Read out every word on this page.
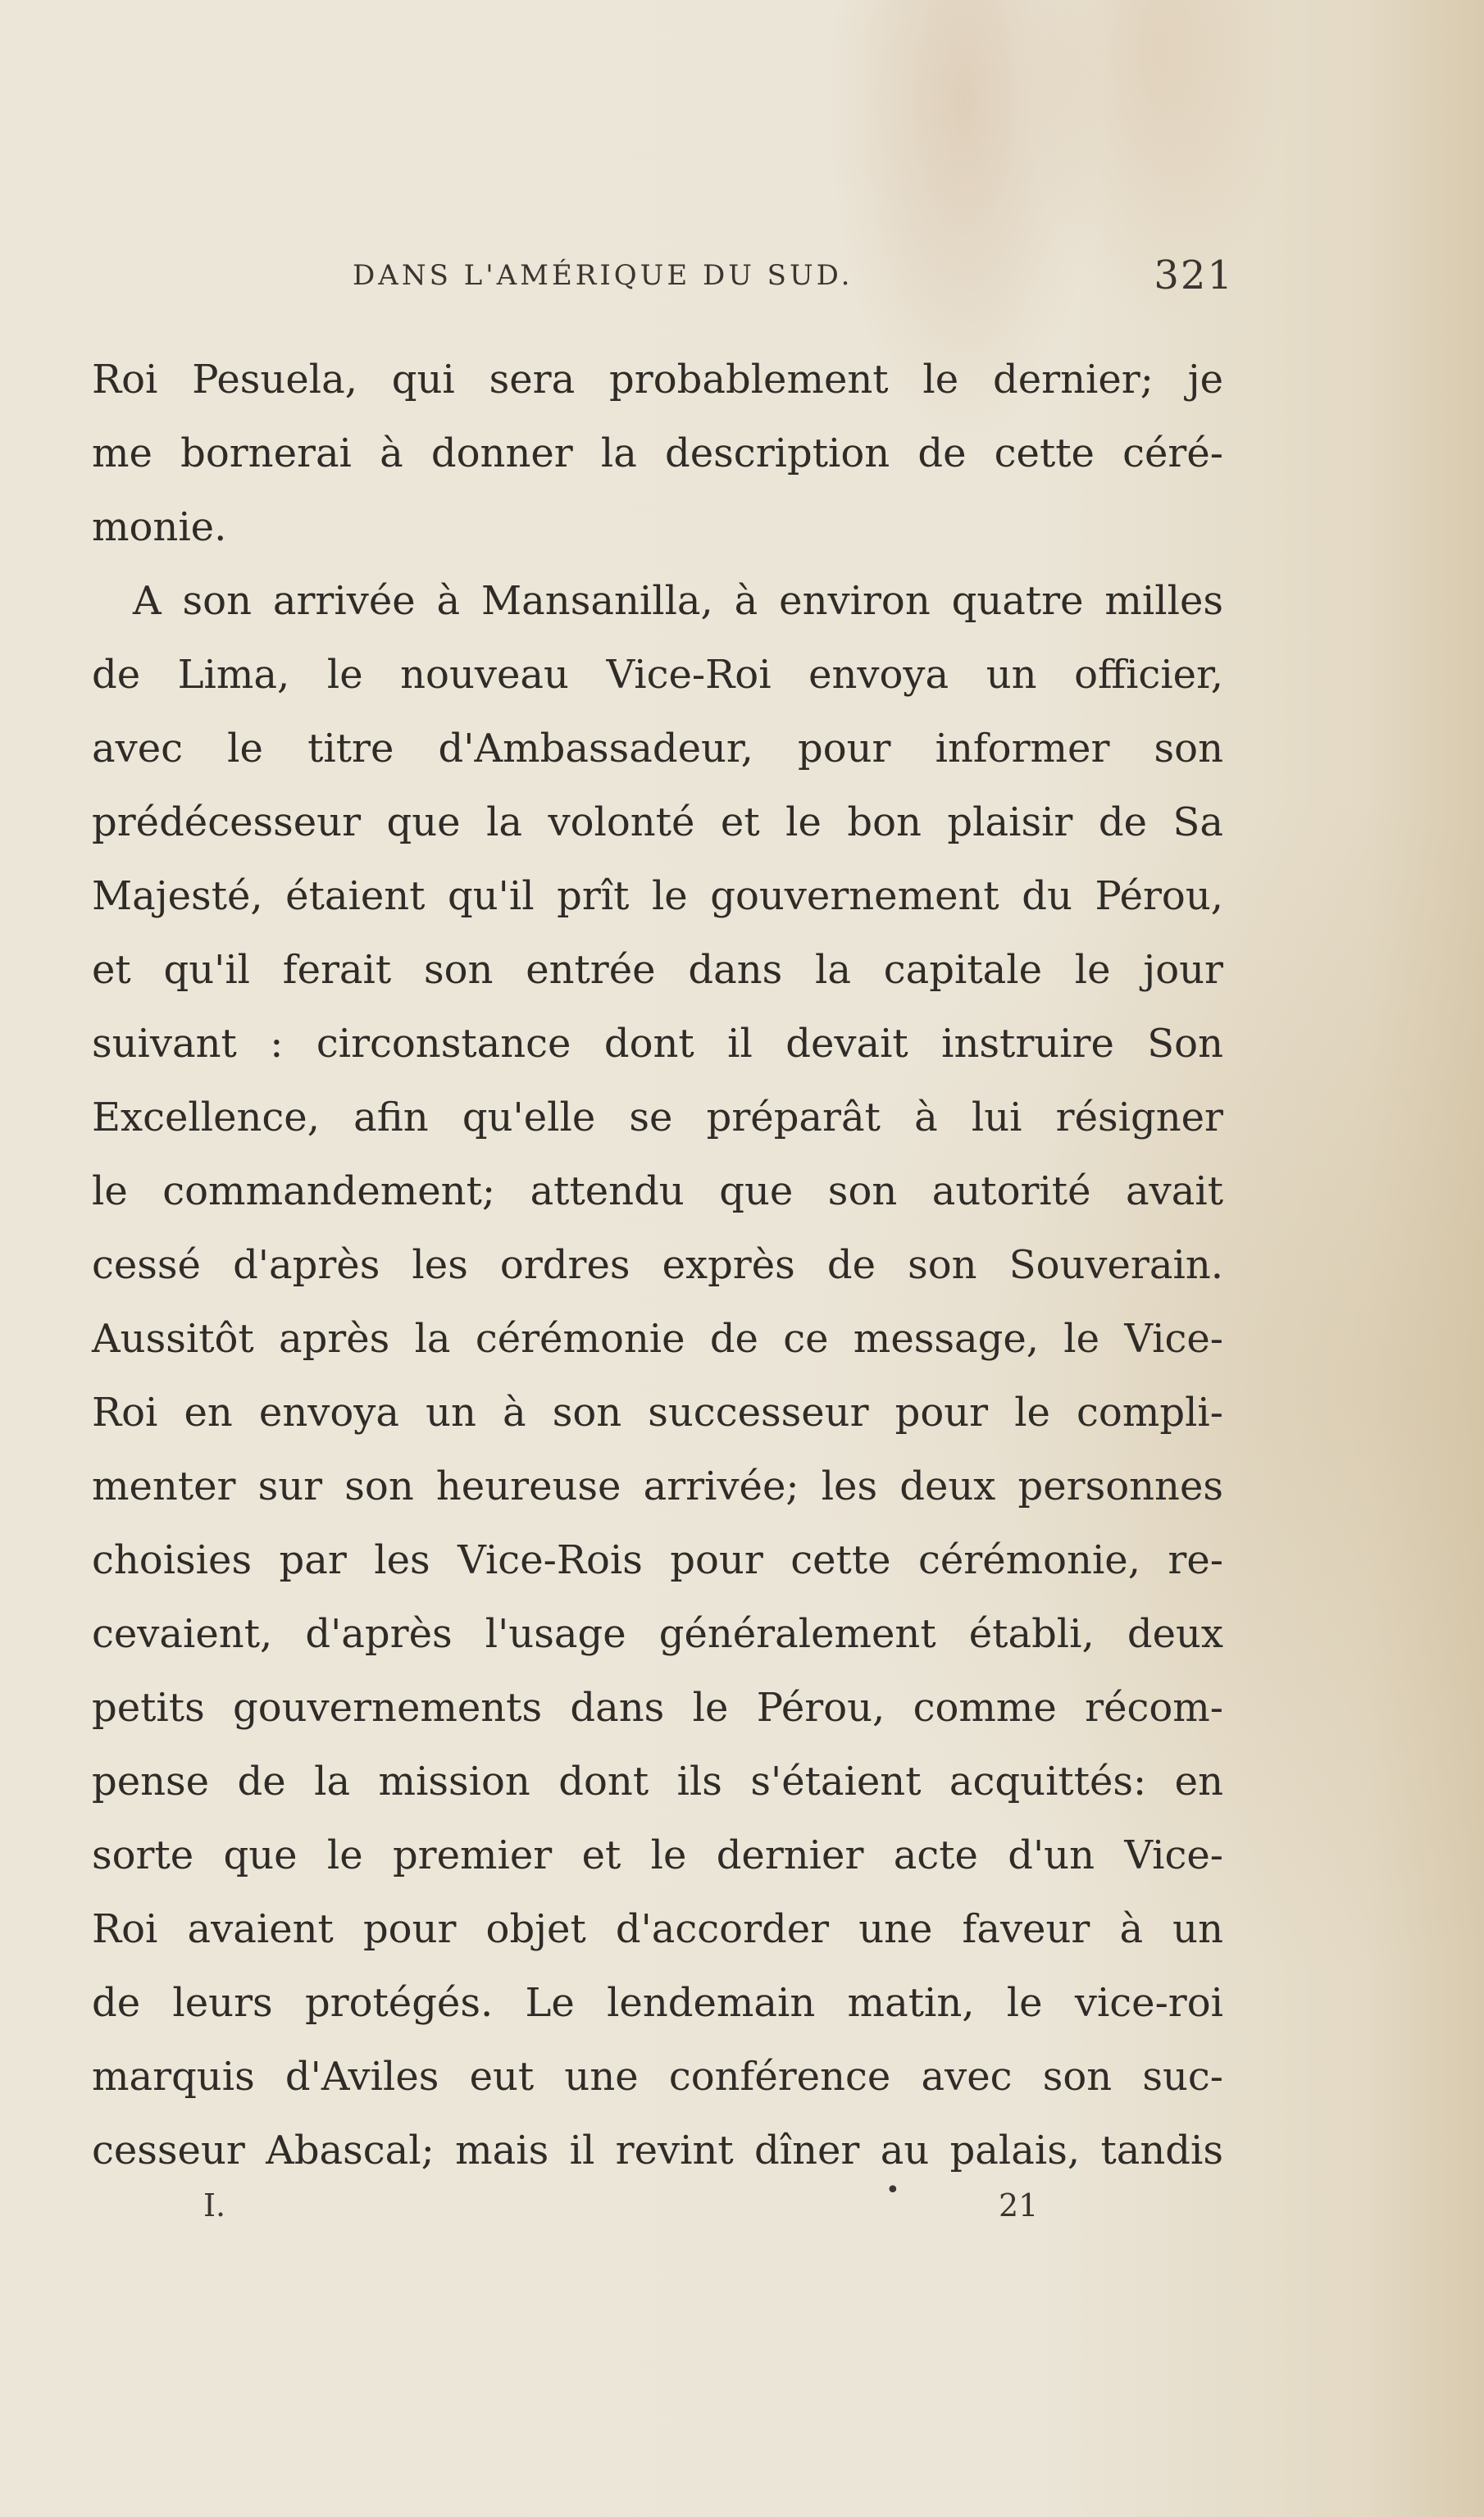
DANS L'AMÉRIQUE DU SUD.	321
Roi Pesuela, qui sera probablement le dernier; je
me bornerai à donner la description de cette céré-
monie.
A son arrivée à Mansanilla, à environ quatre milles
de Lima, le nouveau Vice-Roi envoya un officier,
avec le titre d'Ambassadeur, pour informer son
prédécesseur que la volonté et le bon plaisir de Sa
Majesté, étaient qu'il prît le gouvernement du Pérou,
et qu'il ferait son entrée dans la capitale le jour
suivant : circonstance dont il devait instruire Son
Excellence, afin qu'elle se préparât à lui résigner
le commandement; attendu que son autorité avait
cessé d'après les ordres exprès de son Souverain.
Aussitôt après la cérémonie de ce message, le Vice-
Roi en envoya un à son successeur pour le compli-
menter sur son heureuse arrivée; les deux personnes
choisies par les Vice-Rois pour cette cérémonie, re-
cevaient, d'après l'usage généralement établi, deux
petits gouvernements dans le Pérou, comme récom-
pense de la mission dont ils s'étaient acquittés: en
sorte que le premier et le dernier acte d'un Vice-
Roi avaient pour objet d'accorder une faveur à un
de leurs protégés. Le lendemain matin, le vice-roi
marquis d'Aviles eut une conférence avec son suc-
cesseur Abascal; mais il revint dîner au palais, tandis
I.	•	21
